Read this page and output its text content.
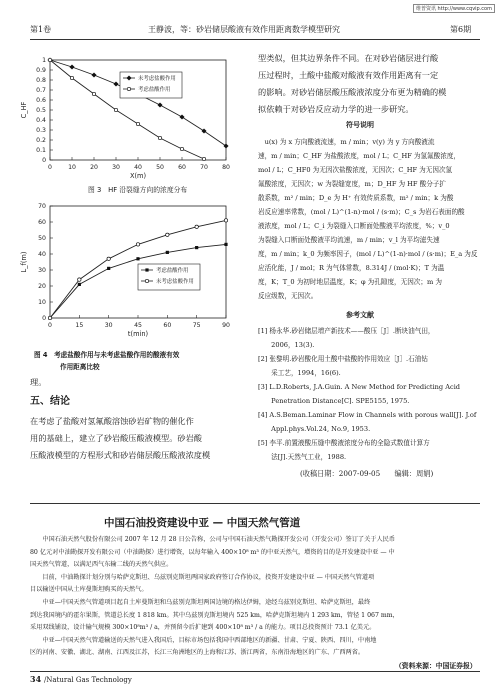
维普资讯 http://www.cqvip.com
第1卷	王静波，等：砂岩储层酸液有效作用距离数学模型研究	第6期
0	10 20 30 40 50 60 70 80
0
0.1
0.2
0.3
0.4
0.5
0.6
0.7
0.8
0.9
1
X(m)
C_HF
未考虑盐酸作用
考虑盐酸作用
图 3　HF 沿裂缝方向的浓度分布
0	15	30	45	60	75	90
0
10
20
30
40
50
60
70
t(min)
L_f(m)	考虑盐酸作用
未考虑盐酸作用
图 4　考虑盐酸作用与未考虑盐酸作用的酸液有效
作用距离比较
理。
五、结论
在考虑了盐酸对氢氟酸溶蚀砂岩矿物的催化作
用的基础上，建立了砂岩酸压酸液模型。砂岩酸
压酸液模型的方程形式和砂岩储层酸压酸液浓度模
型类似，但其边界条件不同。在对砂岩储层进行酸
压过程时，土酸中盐酸对酸液有效作用距离有一定
的影响。对砂岩储层酸压酸液浓度分布更为精确的模
拟依赖于对砂岩反应动力学的进一步研究。
符号说明
　u(x) 为 x 方向酸液流速，m / min；v(y) 为 y 方向酸液流
速，m / min；C_HF 为盐酸浓度，mol / L；C_HF 为氢氟酸浓度，
mol / L；C_HF0 为无因次盐酸浓度，无因次；C_HF 为无因次氢
氟酸浓度，无因次；w 为裂缝宽度，m；D_HF 为 HF 酸分子扩
散系数，m² / min；D_e 为 H⁺ 有效传质系数，m² / min；k 为酸
岩反应速率常数，(mol / L)^(1-n)·mol / (s·m)；C_s 为岩石表面的酸
液浓度，mol / L；C_i 为裂缝入口断面处酸液平均浓度，%；v_0
为裂缝入口断面处酸液平均流速，m / min；v_l 为平均滤失速
度，m / min；k_0 为频率因子，(mol / L)^(1-n)·mol / (s·m)；E_a 为反
应活化能，J / mol；R 为气体常数，8.314J / (mol·K)；T 为温
度，K；T_0 为初时地层温度，K；φ 为孔隙度，无因次；m 为
反应级数，无因次。
参考文献
[1] 杨永华.砂岩储层增产新技术——酸压［J］.断块油气田，
　　2006，13(3).
[2] 张黎明.砂岩酸化用土酸中盐酸的作用效应［J］.石油钻
　　采工艺，1994，16(6).
[3] L.D.Roberts, J.A.Guin. A New Method for Predicting Acid
　　Penetration Distance[C]. SPE5155, 1975.
[4] A.S.Beman.Laminar Flow in Channels with porous wall[J]. J.of
　　Appl.phys.Vol.24, No.9, 1953.
[5] 李平.前置液酸压缝中酸液浓度分布的全隐式数值计算方
　　法[J].天然气工业，1988.
(收稿日期：2007-09-05　　编辑：周娟)
中国石油投资建设中亚 — 中国天然气管道
　　中国石油天然气股份有限公司 2007 年 12 月 28 日公告称，公司与中国石油天然气勘探开发公司（开发公司）签订了关于人民币
80 亿元对中油勘探开发有限公司（中油勘探）进行增资，以每年输入 400×10⁸ m³ 的中亚天然气，增资的目的是开发建设中亚 — 中
国天然气管道，以满足西气东输二线的天然气供应。
　　目前，中油勘探计划分别与哈萨克斯坦、乌兹别克斯坦两国家政府签订合作协议，投资开发建设中亚 — 中国天然气管道项
目以输送中国从土库曼斯坦购买的天然气。
　　中亚—中国天然气管道项目起自土库曼斯坦和乌兹别克斯坦两国边境的格达伊姆，途经乌兹别克斯坦、哈萨克斯坦，最终
到达我国境内的霍尔果斯，管道总长度 1 818 km。其中乌兹别克斯坦境内 525 km，哈萨克斯坦境内 1 293 km，管径 1 067 mm，
采用双线铺设，设计输气规模 300×10⁸m³ / a，并预留今后扩建到 400×10⁸ m³ / a 的能力。项目总投资预计 73.1 亿美元。
　　中亚—中国天然气管道输送的天然气进入我国后，目标市场包括我国中西部地区的新疆、甘肃、宁夏、陕西、四川，中南地
区的河南、安徽、湖北、湖南、江西及江苏，长江三角洲地区的上海和江苏、浙江两省，东南沿海地区的广东、广西两省。
（资料来源：中国证券报）
34 /Natural Gas Technology
